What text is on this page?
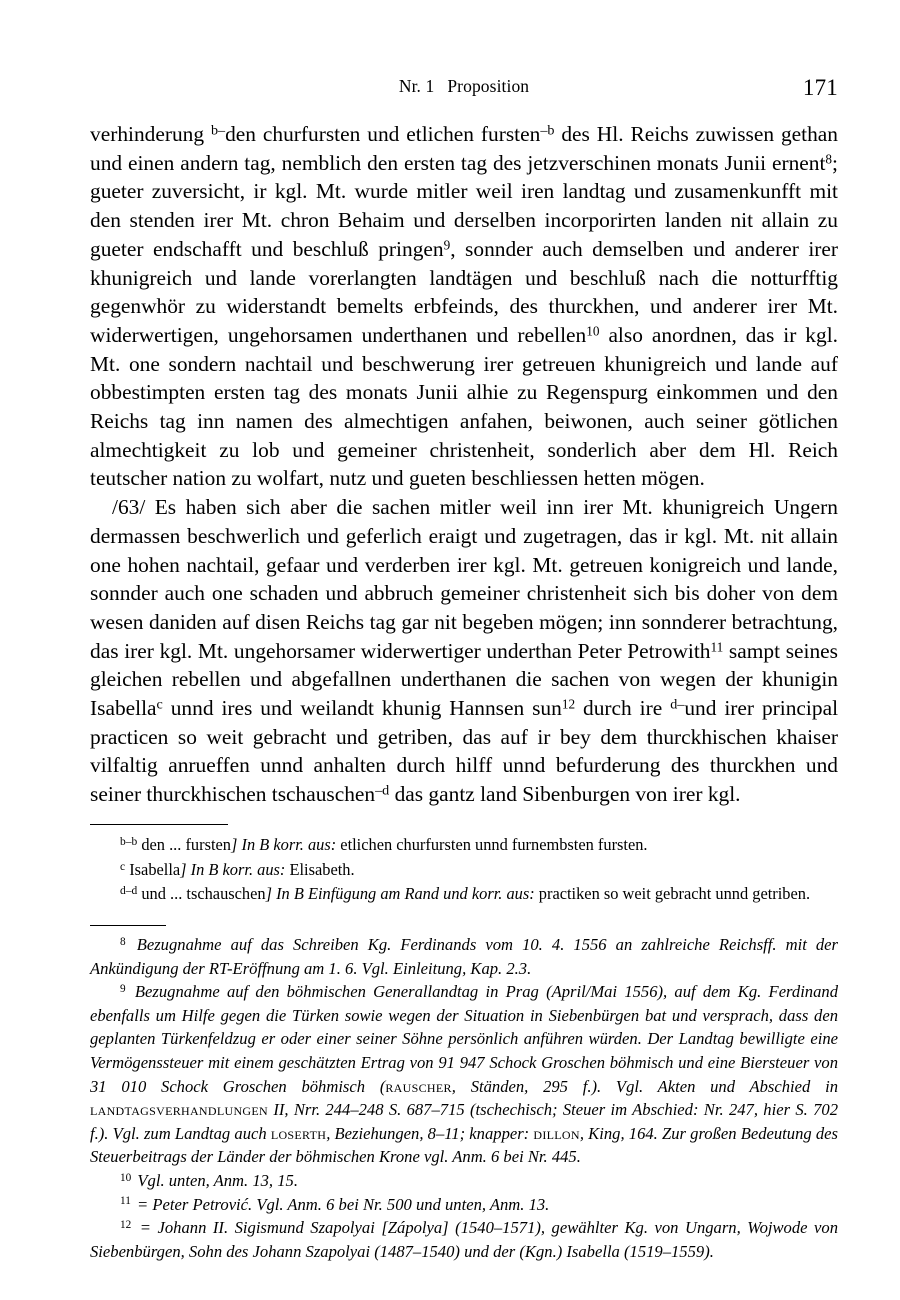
Nr. 1 Proposition	171

verhinderung $^{b-}$den churfursten und etlichen fursten$^{-b}$ des Hl. Reichs zuwissen gethan und einen andern tag, nemblich den ersten tag des jetzverschinen monats Junii ernent$^8$; gueter zuversicht, ir kgl. Mt. wurde mitler weil iren landtag und zusamenkunfft mit den stenden irer Mt. chron Behaim und derselben incorporirten landen nit allain zu gueter endschafft und beschluß pringen$^9$, sonnder auch demselben und anderer irer khunigreich und lande vorerlangten landtägen und beschluß nach die notturfftig gegenwhör zu widerstandt bemelts erbfeinds, des thurckhen, und anderer irer Mt. widerwertigen, ungehorsamen underthanen und rebellen$^{10}$ also anordnen, das ir kgl. Mt. one sondern nachtail und beschwerung irer getreuen khunigreich und lande auf obbestimpten ersten tag des monats Junii alhie zu Regenspurg einkommen und den Reichs tag inn namen des almechtigen anfahen, beiwonen, auch seiner götlichen almechtigkeit zu lob und gemeiner christenheit, sonderlich aber dem Hl. Reich teutscher nation zu wolfart, nutz und gueten beschliessen hetten mögen.

/63/ Es haben sich aber die sachen mitler weil inn irer Mt. khunigreich Ungern dermassen beschwerlich und geferlich eraigt und zugetragen, das ir kgl. Mt. nit allain one hohen nachtail, gefaar und verderben irer kgl. Mt. getreuen konigreich und lande, sonnder auch one schaden und abbruch gemeiner christenheit sich bis doher von dem wesen daniden auf disen Reichs tag gar nit begeben mögen; inn sonnderer betrachtung, das irer kgl. Mt. ungehorsamer widerwertiger underthan Peter Petrowith$^{11}$ sampt seines gleichen rebellen und abgefallnen underthanen die sachen von wegen der khunigin Isabella$^c$ unnd ires und weilandt khunig Hannsen sun$^{12}$ durch ire $^{d-}$und irer principal practicen so weit gebracht und getriben, das auf ir bey dem thurckhischen khaiser vilfaltig anrueffen unnd anhalten durch hilff unnd befurderung des thurckhen und seiner thurckhischen tschauschen$^{-d}$ das gantz land Sibenburgen von irer kgl.

$^{b-b}$ den ... fursten] In B korr. aus: etlichen churfursten unnd furnembsten fursten.

$^c$ Isabella] In B korr. aus: Elisabeth.

$^{d-d}$ und ... tschauschen] In B Einfügung am Rand und korr. aus: practiken so weit gebracht unnd getriben.

$^8$ Bezugnahme auf das Schreiben Kg. Ferdinands vom 10. 4. 1556 an zahlreiche Reichsff. mit der Ankündigung der RT-Eröffnung am 1. 6. Vgl. Einleitung, Kap. 2.3.

$^9$ Bezugnahme auf den böhmischen Generallandtag in Prag (April/Mai 1556), auf dem Kg. Ferdinand ebenfalls um Hilfe gegen die Türken sowie wegen der Situation in Siebenbürgen bat und versprach, dass den geplanten Türkenfeldzug er oder einer seiner Söhne persönlich anführen würden. Der Landtag bewilligte eine Vermögenssteuer mit einem geschätzten Ertrag von 91 947 Schock Groschen böhmisch und eine Biersteuer von 31 010 Schock Groschen böhmisch (rauscher, Ständen, 295 f.). Vgl. Akten und Abschied in landtagsverhandlungen II, Nrr. 244–248 S. 687–715 (tschechisch; Steuer im Abschied: Nr. 247, hier S. 702 f.). Vgl. zum Landtag auch loserth, Beziehungen, 8–11; knapper: dillon, King, 164. Zur großen Bedeutung des Steuerbeitrags der Länder der böhmischen Krone vgl. Anm. 6 bei Nr. 445.

$^{10}$ Vgl. unten, Anm. 13, 15.

$^{11}$ = Peter Petrović. Vgl. Anm. 6 bei Nr. 500 und unten, Anm. 13.

$^{12}$ = Johann II. Sigismund Szapolyai [Zápolya] (1540–1571), gewählter Kg. von Ungarn, Wojwode von Siebenbürgen, Sohn des Johann Szapolyai (1487–1540) und der (Kgn.) Isabella (1519–1559).
